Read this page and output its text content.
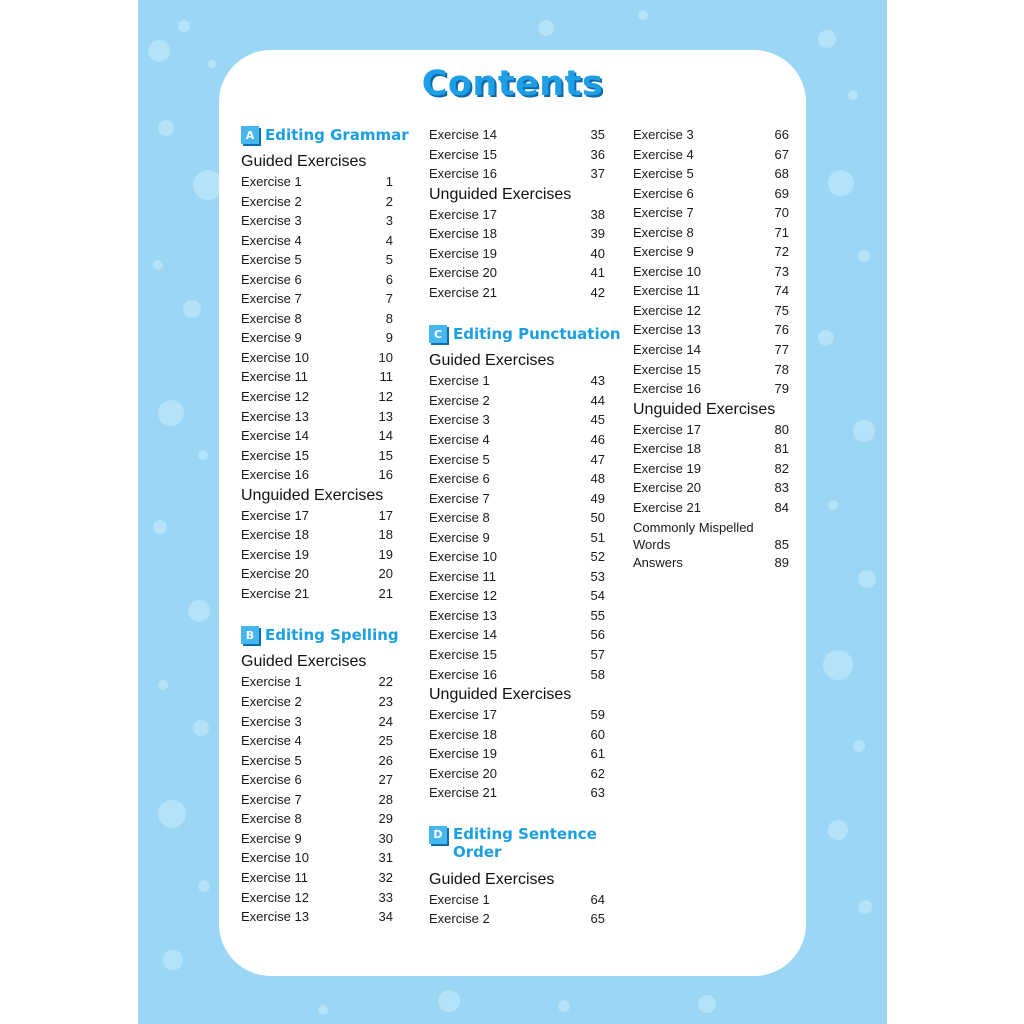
Contents
A Editing Grammar
Guided Exercises
Exercise 1	1
Exercise 2	2
Exercise 3	3
Exercise 4	4
Exercise 5	5
Exercise 6	6
Exercise 7	7
Exercise 8	8
Exercise 9	9
Exercise 10	10
Exercise 11	11
Exercise 12	12
Exercise 13	13
Exercise 14	14
Exercise 15	15
Exercise 16	16
Unguided Exercises
Exercise 17	17
Exercise 18	18
Exercise 19	19
Exercise 20	20
Exercise 21	21
B Editing Spelling
Guided Exercises
Exercise 1	22
Exercise 2	23
Exercise 3	24
Exercise 4	25
Exercise 5	26
Exercise 6	27
Exercise 7	28
Exercise 8	29
Exercise 9	30
Exercise 10	31
Exercise 11	32
Exercise 12	33
Exercise 13	34
Exercise 14	35
Exercise 15	36
Exercise 16	37
Unguided Exercises
Exercise 17	38
Exercise 18	39
Exercise 19	40
Exercise 20	41
Exercise 21	42
C Editing Punctuation
Guided Exercises
Exercise 1	43
Exercise 2	44
Exercise 3	45
Exercise 4	46
Exercise 5	47
Exercise 6	48
Exercise 7	49
Exercise 8	50
Exercise 9	51
Exercise 10	52
Exercise 11	53
Exercise 12	54
Exercise 13	55
Exercise 14	56
Exercise 15	57
Exercise 16	58
Unguided Exercises
Exercise 17	59
Exercise 18	60
Exercise 19	61
Exercise 20	62
Exercise 21	63
D Editing Sentence Order
Guided Exercises
Exercise 1	64
Exercise 2	65
Exercise 3	66
Exercise 4	67
Exercise 5	68
Exercise 6	69
Exercise 7	70
Exercise 8	71
Exercise 9	72
Exercise 10	73
Exercise 11	74
Exercise 12	75
Exercise 13	76
Exercise 14	77
Exercise 15	78
Exercise 16	79
Unguided Exercises
Exercise 17	80
Exercise 18	81
Exercise 19	82
Exercise 20	83
Exercise 21	84
Commonly Mispelled Words	85
Answers	89
